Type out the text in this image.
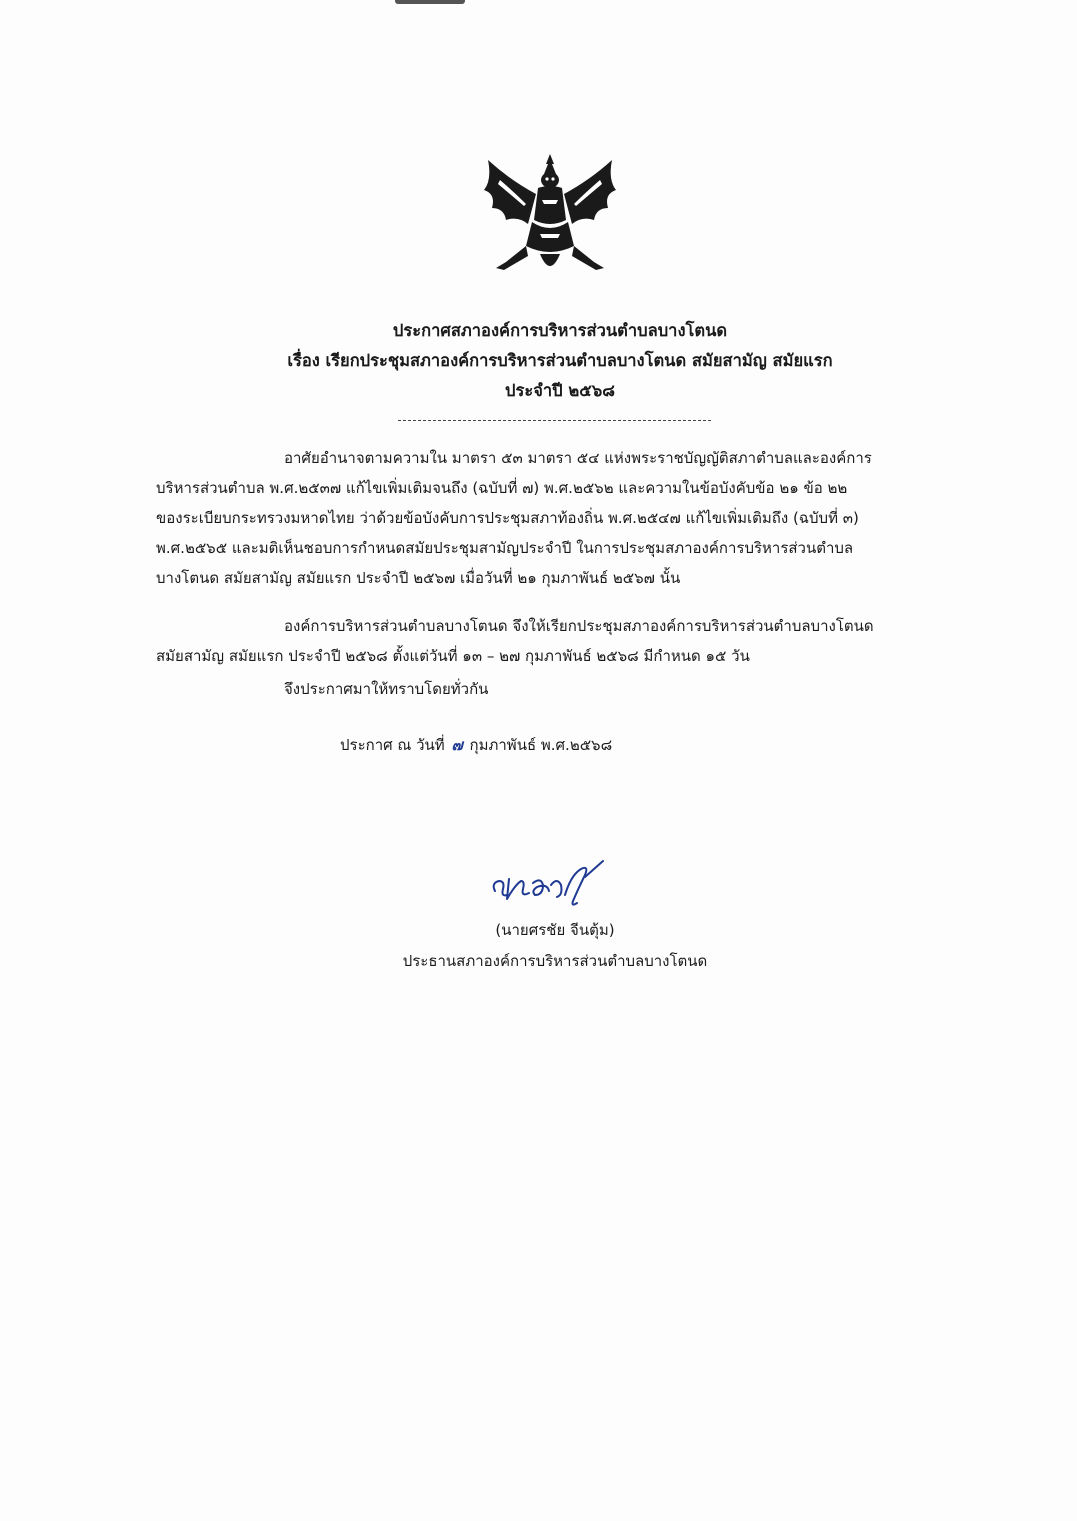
ประกาศสภาองค์การบริหารส่วนตำบลบางโตนด
เรื่อง เรียกประชุมสภาองค์การบริหารส่วนตำบลบางโตนด สมัยสามัญ สมัยแรก
ประจำปี ๒๕๖๘
อาศัยอำนาจตามความใน มาตรา ๕๓ มาตรา ๕๔ แห่งพระราชบัญญัติสภาตำบลและองค์การ
บริหารส่วนตำบล พ.ศ.๒๕๓๗ แก้ไขเพิ่มเติมจนถึง (ฉบับที่ ๗) พ.ศ.๒๕๖๒ และความในข้อบังคับข้อ ๒๑ ข้อ ๒๒
ของระเบียบกระทรวงมหาดไทย ว่าด้วยข้อบังคับการประชุมสภาท้องถิ่น พ.ศ.๒๕๔๗ แก้ไขเพิ่มเติมถึง (ฉบับที่ ๓)
พ.ศ.๒๕๖๕ และมติเห็นชอบการกำหนดสมัยประชุมสามัญประจำปี ในการประชุมสภาองค์การบริหารส่วนตำบล
บางโตนด สมัยสามัญ สมัยแรก ประจำปี ๒๕๖๗ เมื่อวันที่ ๒๑ กุมภาพันธ์ ๒๕๖๗ นั้น
องค์การบริหารส่วนตำบลบางโตนด จึงให้เรียกประชุมสภาองค์การบริหารส่วนตำบลบางโตนด
สมัยสามัญ สมัยแรก ประจำปี ๒๕๖๘ ตั้งแต่วันที่ ๑๓ – ๒๗ กุมภาพันธ์ ๒๕๖๘ มีกำหนด ๑๕ วัน
จึงประกาศมาให้ทราบโดยทั่วกัน
ประกาศ ณ วันที่ ๗ กุมภาพันธ์ พ.ศ.๒๕๖๘
(นายศรชัย จีนตุ้ม)
ประธานสภาองค์การบริหารส่วนตำบลบางโตนด
